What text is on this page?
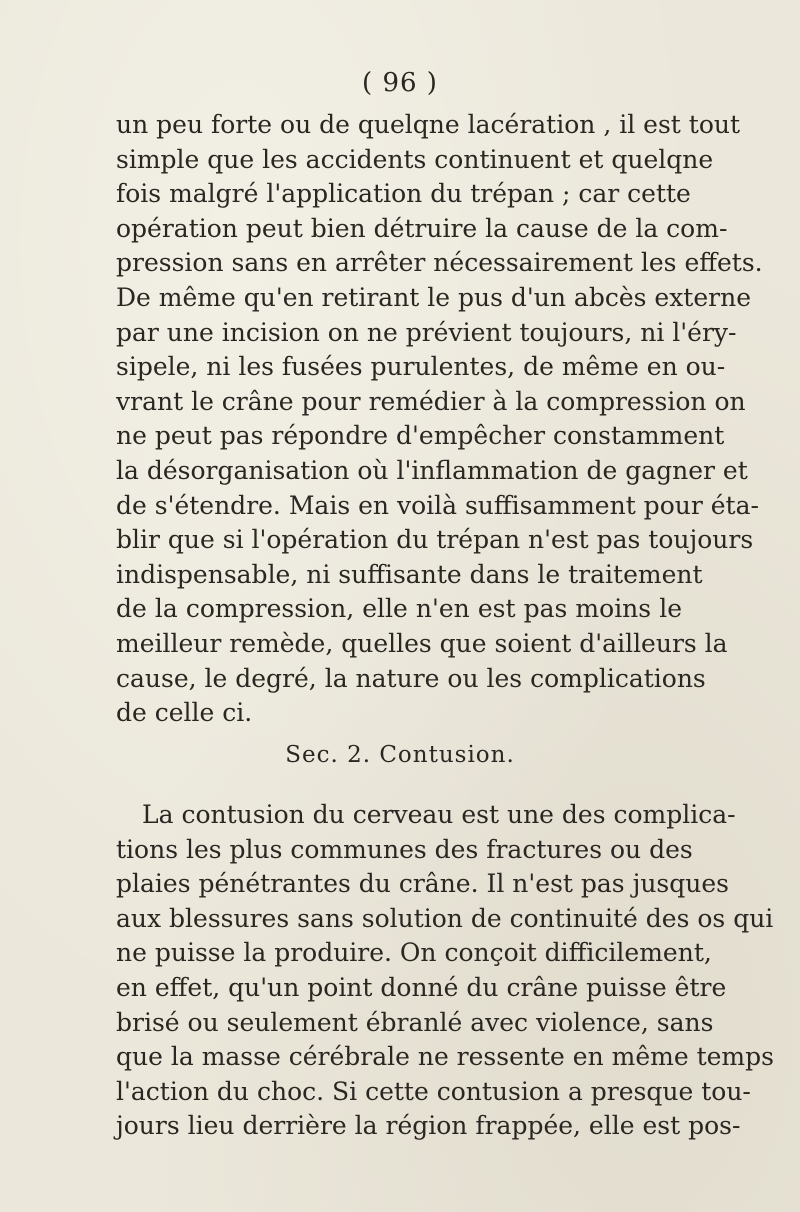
( 96 )
un peu forte ou de quelqne lacération , il est tout
simple que les accidents continuent et quelqne
fois malgré l'application du trépan ; car cette
opération peut bien détruire la cause de la com-
pression sans en arrêter nécessairement les effets.
De même qu'en retirant le pus d'un abcès externe
par une incision on ne prévient toujours, ni l'éry-
sipele, ni les fusées purulentes, de même en ou-
vrant le crâne pour remédier à la compression on
ne peut pas répondre d'empêcher constamment
la désorganisation où l'inflammation de gagner et
de s'étendre. Mais en voilà suffisamment pour éta-
blir que si l'opération du trépan n'est pas toujours
indispensable, ni suffisante dans le traitement
de la compression, elle n'en est pas moins le
meilleur remède, quelles que soient d'ailleurs la
cause, le degré, la nature ou les complications
de celle ci.
Sec. 2. Contusion.
La contusion du cerveau est une des complica-
tions les plus communes des fractures ou des
plaies pénétrantes du crâne. Il n'est pas jusques
aux blessures sans solution de continuité des os qui
ne puisse la produire. On conçoit difficilement,
en effet, qu'un point donné du crâne puisse être
brisé ou seulement ébranlé avec violence, sans
que la masse cérébrale ne ressente en même temps
l'action du choc. Si cette contusion a presque tou-
jours lieu derrière la région frappée, elle est pos-
